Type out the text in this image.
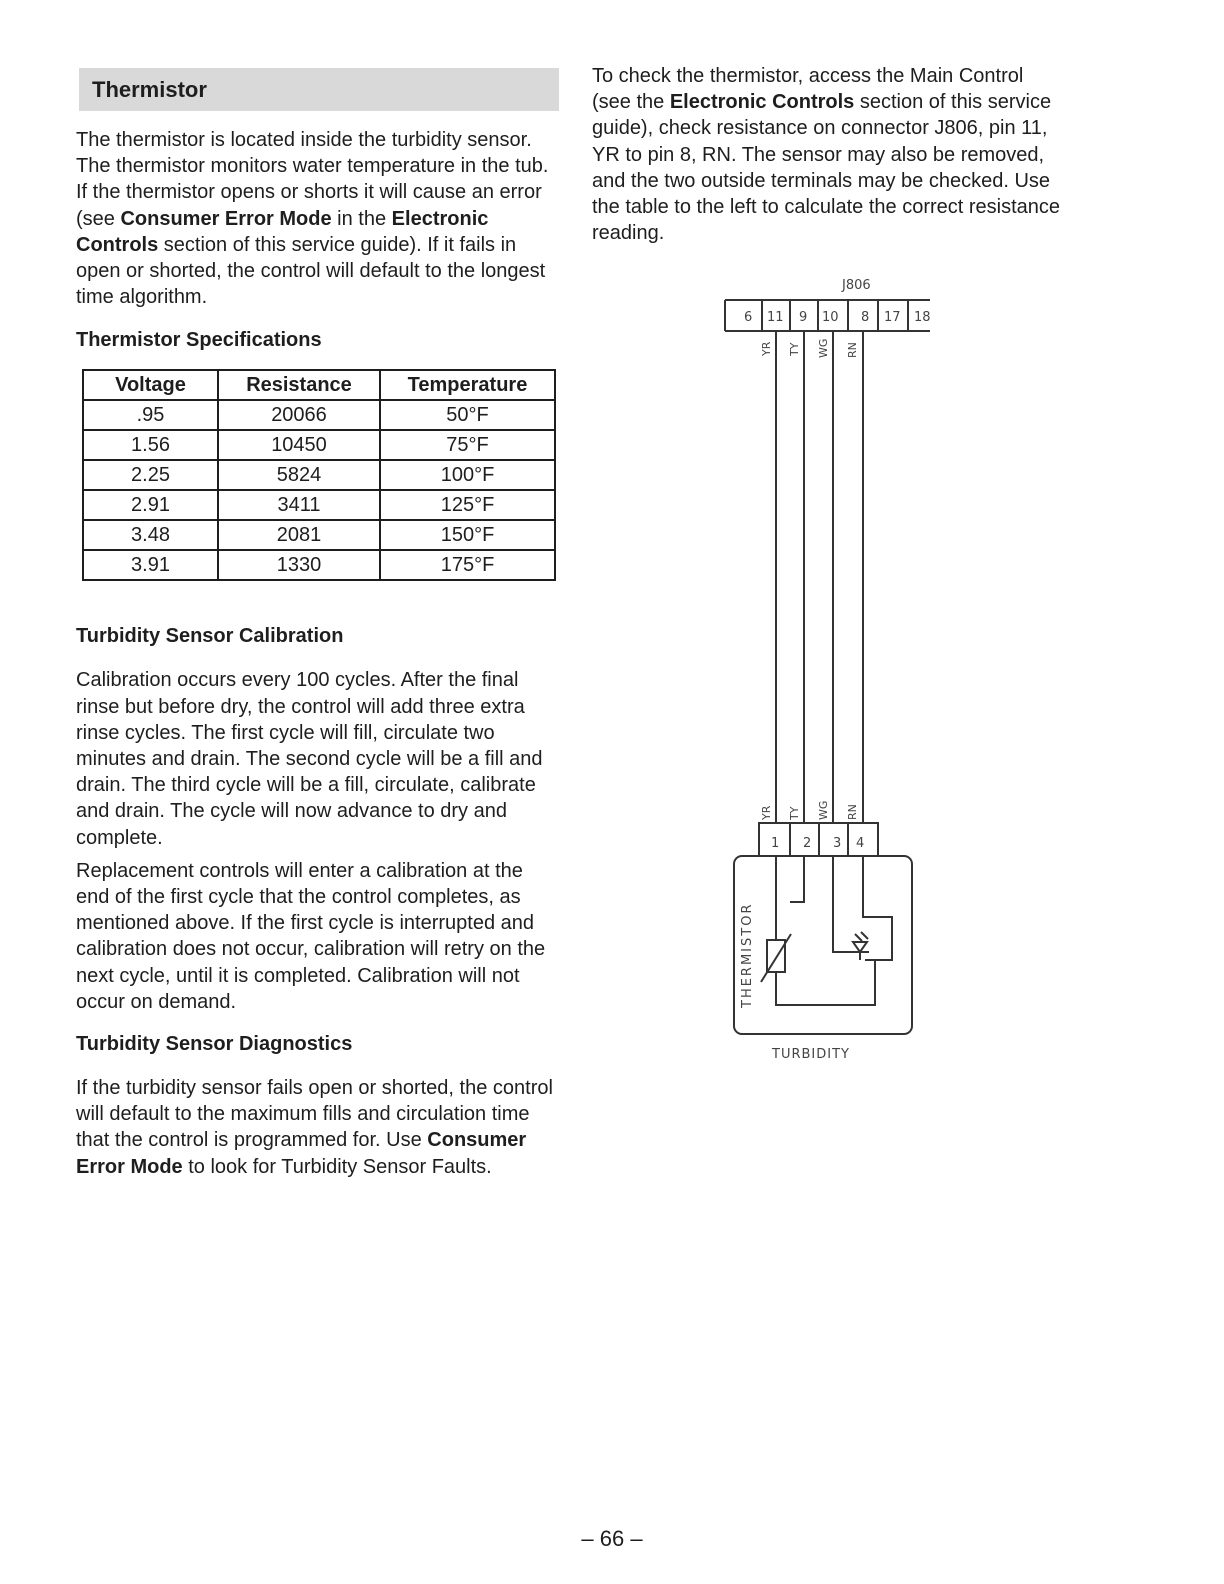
Thermistor

The thermistor is located inside the turbidity sensor. The thermistor monitors water temperature in the tub. If the thermistor opens or shorts it will cause an error (see Consumer Error Mode in the Electronic Controls section of this service guide). If it fails in open or shorted, the control will default to the longest time algorithm.

Thermistor Specifications

Voltage	Resistance	Temperature
.95	20066	50°F
1.56	10450	75°F
2.25	5824	100°F
2.91	3411	125°F
3.48	2081	150°F
3.91	1330	175°F

Turbidity Sensor Calibration

Calibration occurs every 100 cycles. After the final rinse but before dry, the control will add three extra rinse cycles. The first cycle will fill, circulate two minutes and drain. The second cycle will be a fill and drain. The third cycle will be a fill, circulate, calibrate and drain. The cycle will now advance to dry and complete.

Replacement controls will enter a calibration at the end of the first cycle that the control completes, as mentioned above. If the first cycle is interrupted and calibration does not occur, calibration will retry on the next cycle, until it is completed. Calibration will not occur on demand.

Turbidity Sensor Diagnostics

If the turbidity sensor fails open or shorted, the control will default to the maximum fills and circulation time that the control is programmed for. Use Consumer Error Mode to look for Turbidity Sensor Faults.

To check the thermistor, access the Main Control (see the Electronic Controls section of this service guide), check resistance on connector J806, pin 11, YR to pin 8, RN. The sensor may also be removed, and the two outside terminals may be checked. Use the table to the left to calculate the correct resistance reading.

J806
6 11 9 10 8 17 18
YR TY WG RN
YR TY WG RN
1 2 3 4
THERMISTOR
TURBIDITY
– 66 –
